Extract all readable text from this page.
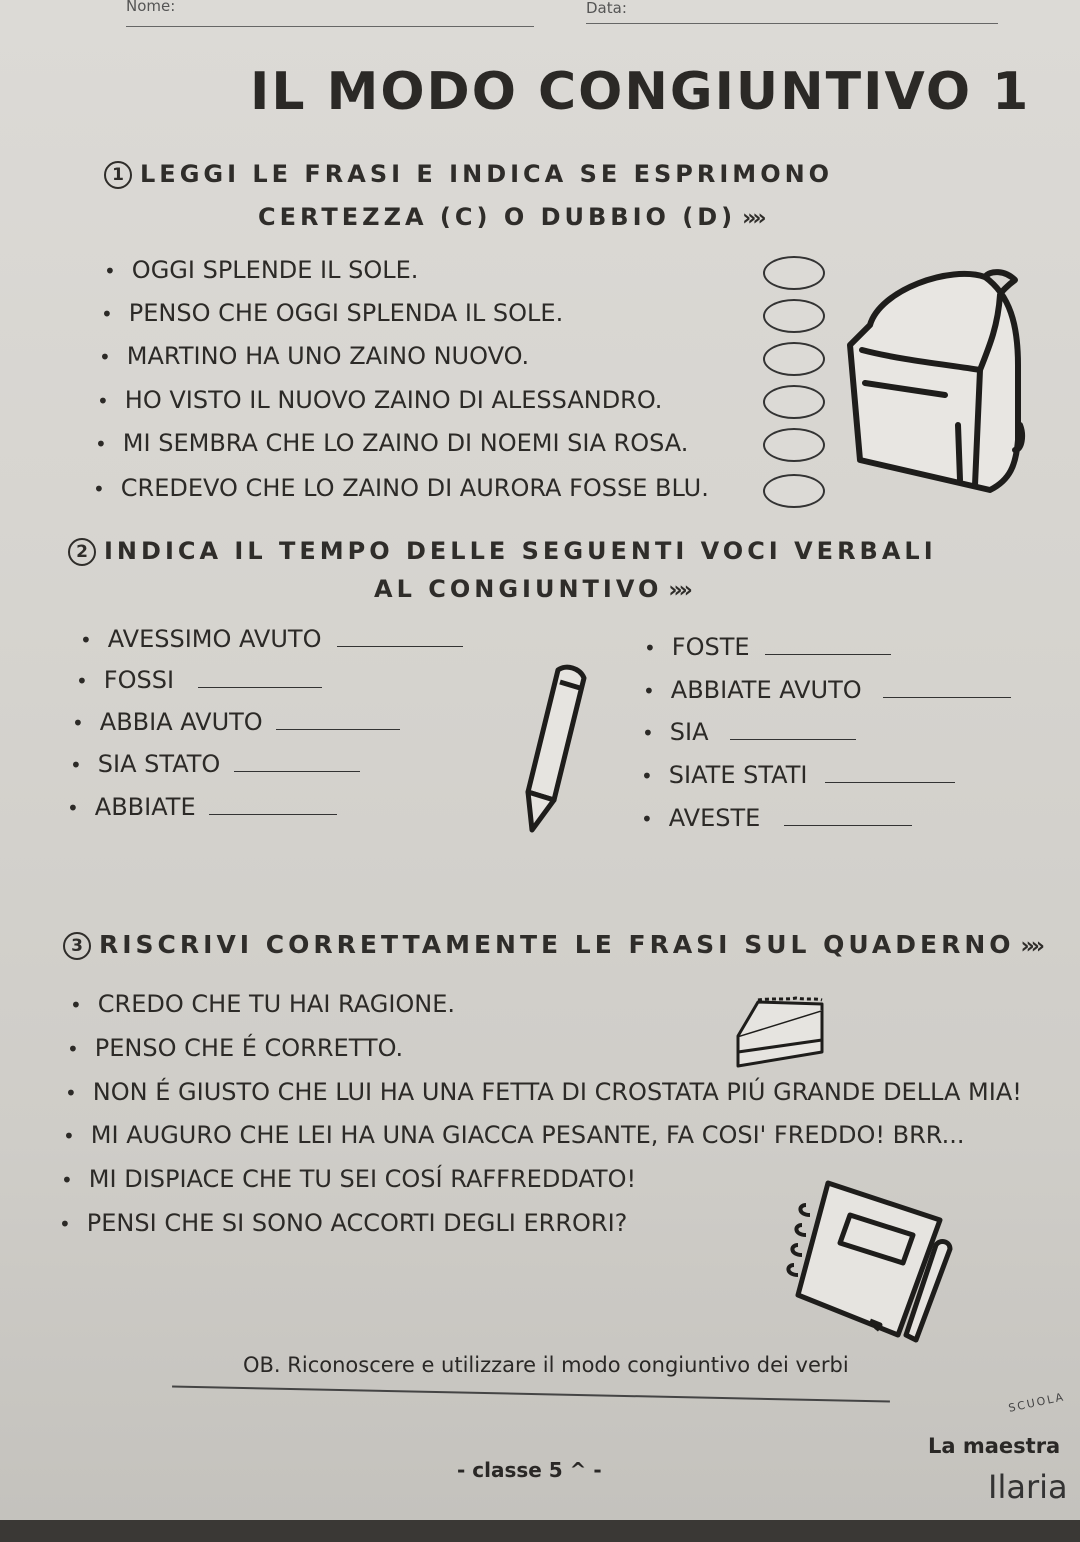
Nome:	Data:
IL MODO CONGIUNTIVO 1
1 LEGGI LE FRASI E INDICA SE ESPRIMONO
CERTEZZA (C) O DUBBIO (D) »»
• OGGI SPLENDE IL SOLE.
• PENSO CHE OGGI SPLENDA IL SOLE.
• MARTINO HA UNO ZAINO NUOVO.
• HO VISTO IL NUOVO ZAINO DI ALESSANDRO.
• MI SEMBRA CHE LO ZAINO DI NOEMI SIA ROSA.
• CREDEVO CHE LO ZAINO DI AURORA FOSSE BLU.
2 INDICA IL TEMPO DELLE SEGUENTI VOCI VERBALI
AL CONGIUNTIVO »»
• AVESSIMO AVUTO
• FOSSI
• ABBIA AVUTO
• SIA STATO
• ABBIATE
• FOSTE
• ABBIATE AVUTO
• SIA
• SIATE STATI
• AVESTE
3 RISCRIVI CORRETTAMENTE LE FRASI SUL QUADERNO »»
• CREDO CHE TU HAI RAGIONE.
• PENSO CHE É CORRETTO.
• NON É GIUSTO CHE LUI HA UNA FETTA DI CROSTATA PIÚ GRANDE DELLA MIA!
• MI AUGURO CHE LEI HA UNA GIACCA PESANTE, FA COSI' FREDDO! BRR...
• MI DISPIACE CHE TU SEI COSÍ RAFFREDDATO!
• PENSI CHE SI SONO ACCORTI DEGLI ERRORI?
OB. Riconoscere e utilizzare il modo congiuntivo dei verbi
- classe 5 ^ -
SCUOLA
La maestra
Ilaria
